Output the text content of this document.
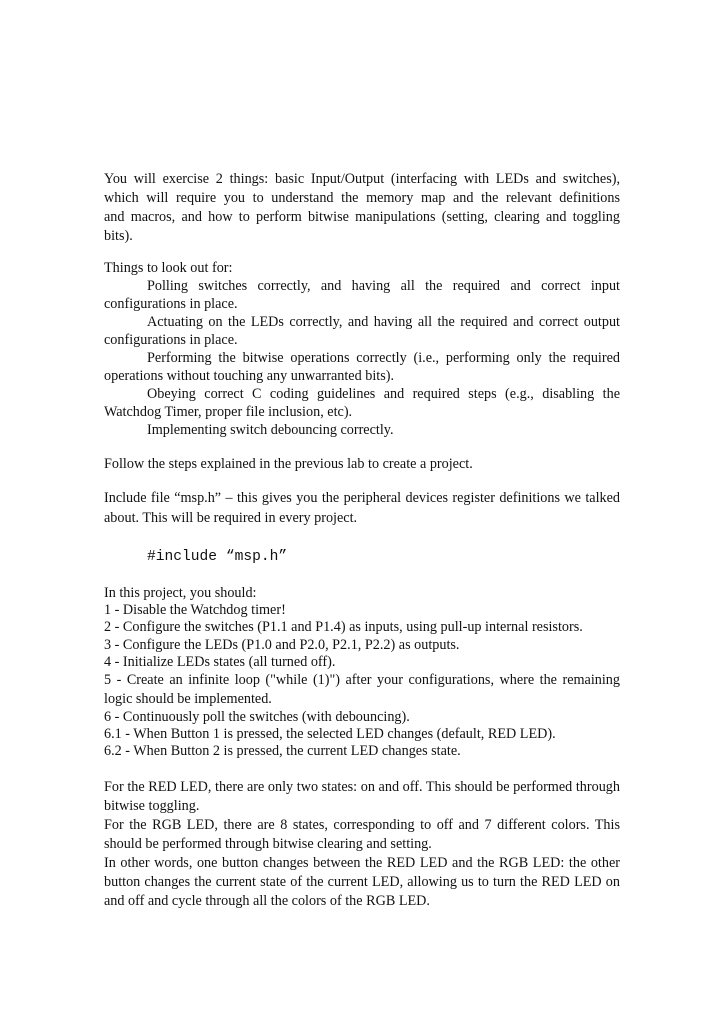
You will exercise 2 things: basic Input/Output (interfacing with LEDs and switches),
which will require you to understand the memory map and the relevant definitions
and macros, and how to perform bitwise manipulations (setting, clearing and toggling
bits).

Things to look out for:

Polling switches correctly, and having all the required and correct input configurations in place.

Actuating on the LEDs correctly, and having all the required and correct output configurations in place.

Performing the bitwise operations correctly (i.e., performing only the required operations without touching any unwarranted bits).

Obeying correct C coding guidelines and required steps (e.g., disabling the Watchdog Timer, proper file inclusion, etc).

Implementing switch debouncing correctly.

Follow the steps explained in the previous lab to create a project.

Include file “msp.h” – this gives you the peripheral devices register definitions we talked about. This will be required in every project.

#include “msp.h”

In this project, you should:

1 - Disable the Watchdog timer!

2 - Configure the switches (P1.1 and P1.4) as inputs, using pull-up internal resistors.

3 - Configure the LEDs (P1.0 and P2.0, P2.1, P2.2) as outputs.

4 - Initialize LEDs states (all turned off).

5 - Create an infinite loop ("while (1)") after your configurations, where the remaining logic should be implemented.

6 - Continuously poll the switches (with debouncing).

6.1 - When Button 1 is pressed, the selected LED changes (default, RED LED).

6.2 - When Button 2 is pressed, the current LED changes state.

For the RED LED, there are only two states: on and off. This should be performed through bitwise toggling.

For the RGB LED, there are 8 states, corresponding to off and 7 different colors. This should be performed through bitwise clearing and setting.

In other words, one button changes between the RED LED and the RGB LED: the other button changes the current state of the current LED, allowing us to turn the RED LED on and off and cycle through all the colors of the RGB LED.
